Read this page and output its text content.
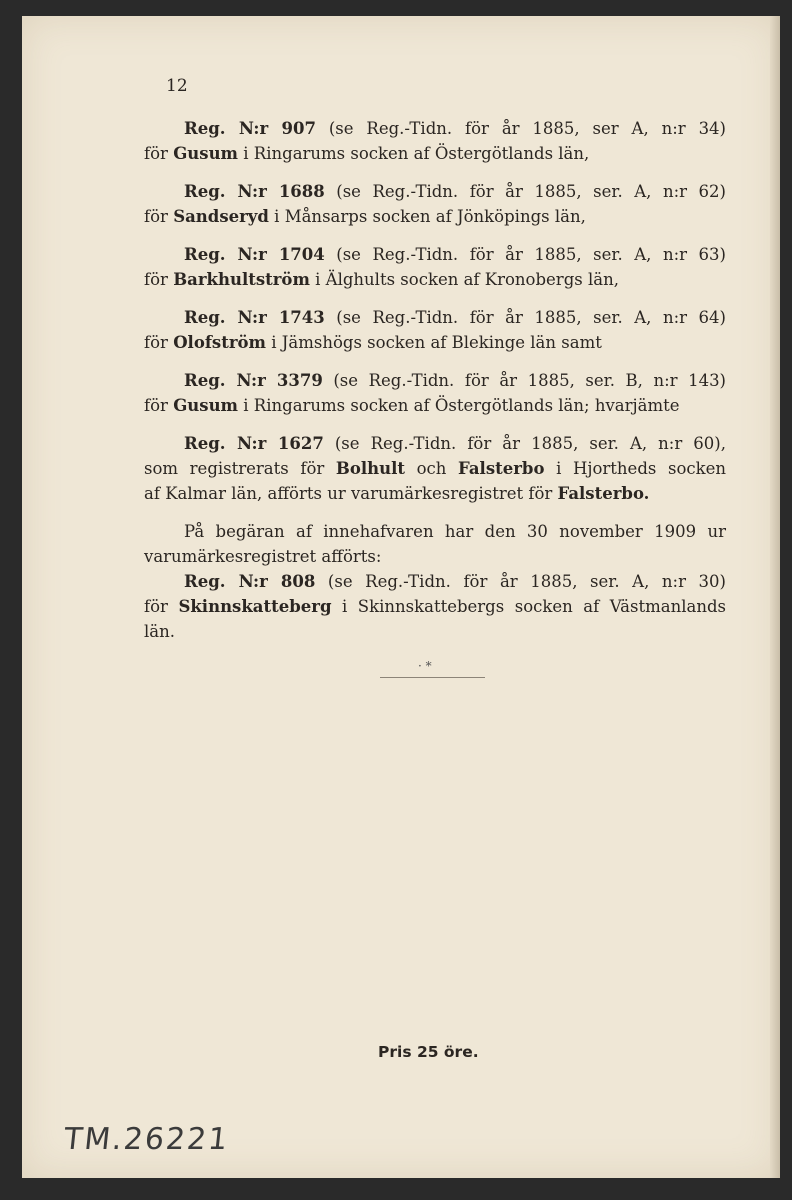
12
Reg. N:r 907 (se Reg.-Tidn. för år 1885, ser A, n:r 34)
för Gusum i Ringarums socken af Östergötlands län,
Reg. N:r 1688 (se Reg.-Tidn. för år 1885, ser. A, n:r 62)
för Sandseryd i Månsarps socken af Jönköpings län,
Reg. N:r 1704 (se Reg.-Tidn. för år 1885, ser. A, n:r 63)
för Barkhultström i Älghults socken af Kronobergs län,
Reg. N:r 1743 (se Reg.-Tidn. för år 1885, ser. A, n:r 64)
för Olofström i Jämshögs socken af Blekinge län samt
Reg. N:r 3379 (se Reg.-Tidn. för år 1885, ser. B, n:r 143)
för Gusum i Ringarums socken af Östergötlands län; hvarjämte
Reg. N:r 1627 (se Reg.-Tidn. för år 1885, ser. A, n:r 60),
som registrerats för Bolhult och Falsterbo i Hjortheds socken
af Kalmar län, afförts ur varumärkesregistret för Falsterbo.
På begäran af innehafvaren har den 30 november 1909 ur
varumärkesregistret afförts:
Reg. N:r 808 (se Reg.-Tidn. för år 1885, ser. A, n:r 30)
för Skinnskatteberg i Skinnskattebergs socken af Västmanlands
län.
· *
Pris 25 öre.
TM.26221
